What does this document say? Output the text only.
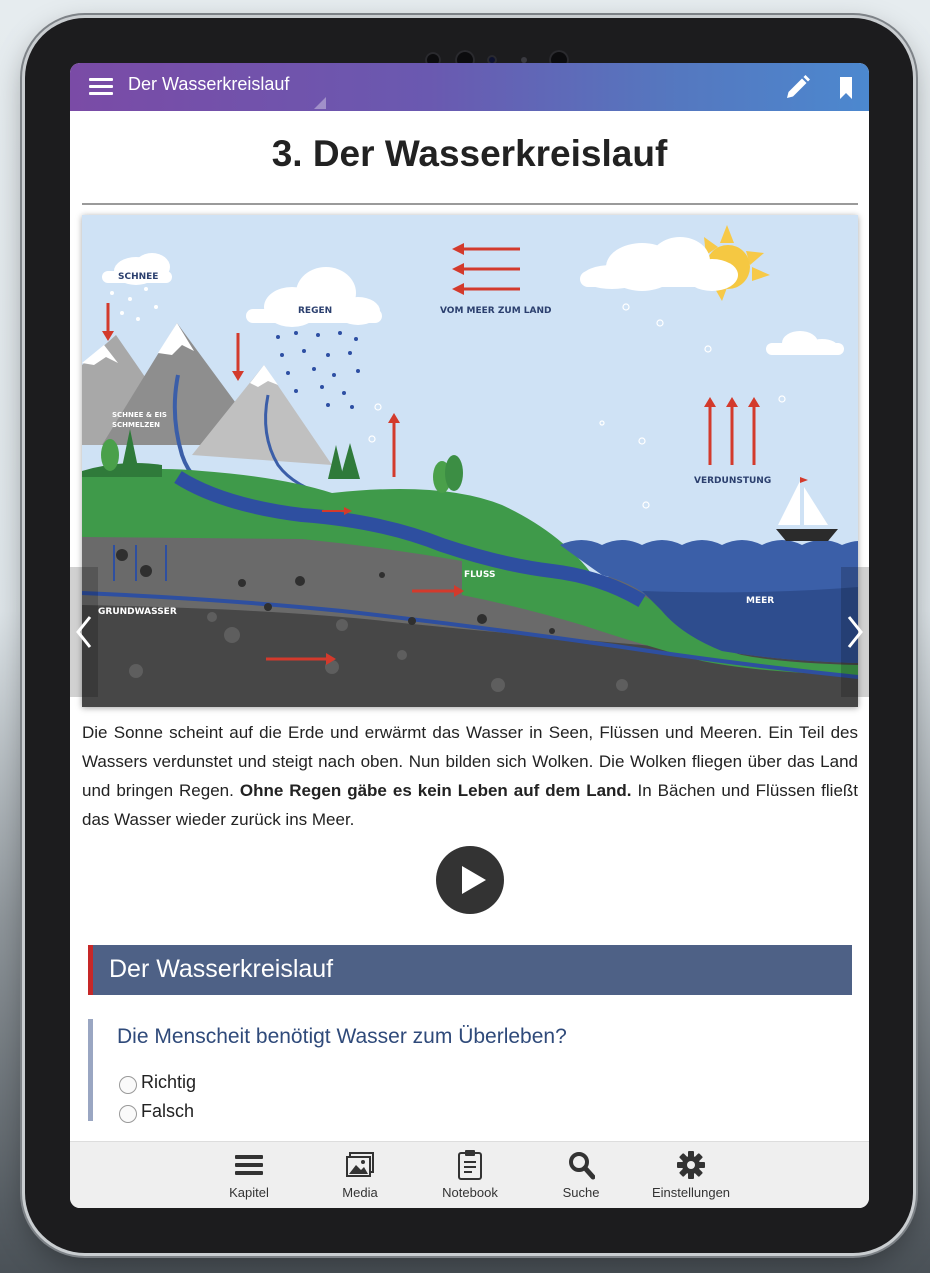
Der Wasserkreislauf
3. Der Wasserkreislauf
SCHNEE
REGEN	VOM MEER ZUM LAND
SCHNEE & EIS
SCHMELZEN
VERDUNSTUNG
FLUSS
GRUNDWASSER
MEER
Die Sonne scheint auf die Erde und erwärmt das Wasser in Seen, Flüssen und Meeren. Ein Teil des Wassers verdunstet und steigt nach oben. Nun bilden sich Wolken. Die Wolken fliegen über das Land und bringen Regen. Ohne Regen gäbe es kein Leben auf dem Land. In Bächen und Flüssen fließt das Wasser wieder zurück ins Meer.
Der Wasserkreislauf
Die Menscheit benötigt Wasser zum Überleben?
Richtig
Falsch
Kapitel	Media	Notebook	Suche	Einstellungen
